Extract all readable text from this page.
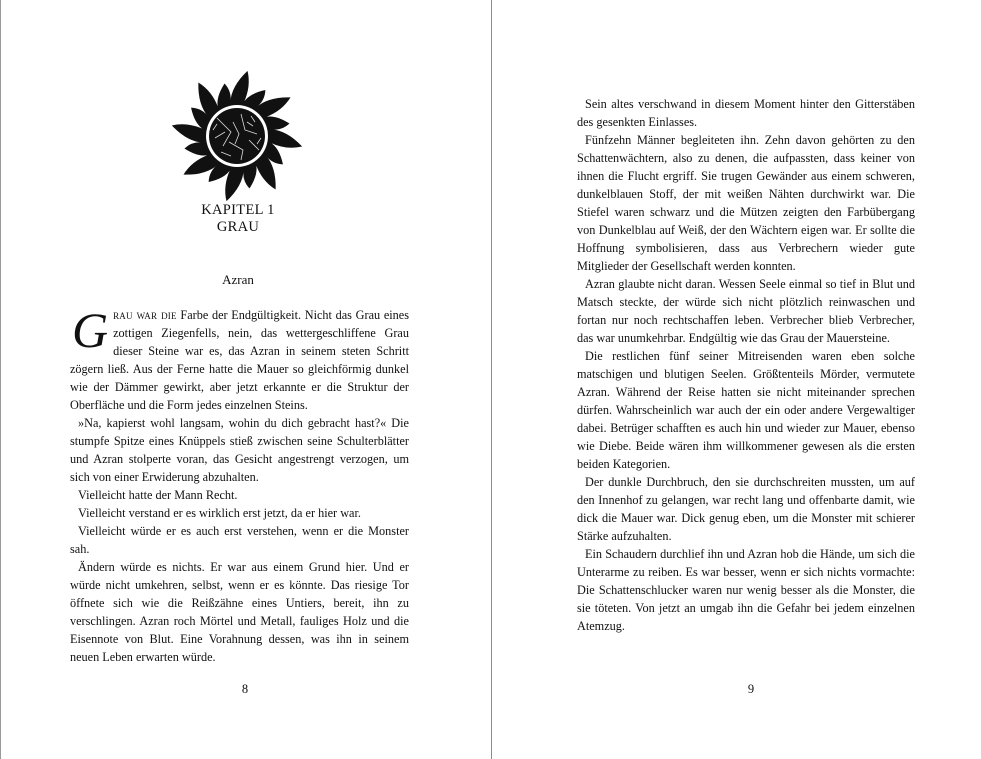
KAPITEL 1
GRAU
Azran

Grau war die Farbe der Endgültigkeit. Nicht das Grau eines zottigen Ziegenfells, nein, das wettergeschliffene Grau dieser Steine war es, das Azran in seinem steten Schritt zögern ließ. Aus der Ferne hatte die Mauer so gleichförmig dunkel wie der Dämmer gewirkt, aber jetzt erkannte er die Struktur der Oberfläche und die Form jedes einzelnen Steins.

»Na, kapierst wohl langsam, wohin du dich gebracht hast?« Die stumpfe Spitze eines Knüppels stieß zwischen seine Schulterblätter und Azran stolperte voran, das Gesicht angestrengt verzogen, um sich von einer Erwiderung abzuhalten.

Vielleicht hatte der Mann Recht.

Vielleicht verstand er es wirklich erst jetzt, da er hier war.

Vielleicht würde er es auch erst verstehen, wenn er die Monster sah.

Ändern würde es nichts. Er war aus einem Grund hier. Und er würde nicht umkehren, selbst, wenn er es könnte. Das riesige Tor öffnete sich wie die Reißzähne eines Untiers, bereit, ihn zu verschlingen. Azran roch Mörtel und Metall, fauliges Holz und die Eisennote von Blut. Eine Vorahnung dessen, was ihn in seinem neuen Leben erwarten würde.

8

Sein altes verschwand in diesem Moment hinter den Gitterstäben des gesenkten Einlasses.

Fünfzehn Männer begleiteten ihn. Zehn davon gehörten zu den Schattenwächtern, also zu denen, die aufpassten, dass keiner von ihnen die Flucht ergriff. Sie trugen Gewänder aus einem schweren, dunkelblauen Stoff, der mit weißen Nähten durchwirkt war. Die Stiefel waren schwarz und die Mützen zeigten den Farbübergang von Dunkelblau auf Weiß, der den Wächtern eigen war. Er sollte die Hoffnung symbolisieren, dass aus Verbrechern wieder gute Mitglieder der Gesellschaft werden konnten.

Azran glaubte nicht daran. Wessen Seele einmal so tief in Blut und Matsch steckte, der würde sich nicht plötzlich reinwaschen und fortan nur noch rechtschaffen leben. Verbrecher blieb Verbrecher, das war unumkehrbar. Endgültig wie das Grau der Mauersteine.

Die restlichen fünf seiner Mitreisenden waren eben solche matschigen und blutigen Seelen. Größtenteils Mörder, vermutete Azran. Während der Reise hatten sie nicht miteinander sprechen dürfen. Wahrscheinlich war auch der ein oder andere Vergewaltiger dabei. Betrüger schafften es auch hin und wieder zur Mauer, ebenso wie Diebe. Beide wären ihm willkommener gewesen als die ersten beiden Kategorien.

Der dunkle Durchbruch, den sie durchschreiten mussten, um auf den Innenhof zu gelangen, war recht lang und offenbarte damit, wie dick die Mauer war. Dick genug eben, um die Monster mit schierer Stärke aufzuhalten.

Ein Schaudern durchlief ihn und Azran hob die Hände, um sich die Unterarme zu reiben. Es war besser, wenn er sich nichts vormachte: Die Schattenschlucker waren nur wenig besser als die Monster, die sie töteten. Von jetzt an umgab ihn die Gefahr bei jedem einzelnen Atemzug.

9
